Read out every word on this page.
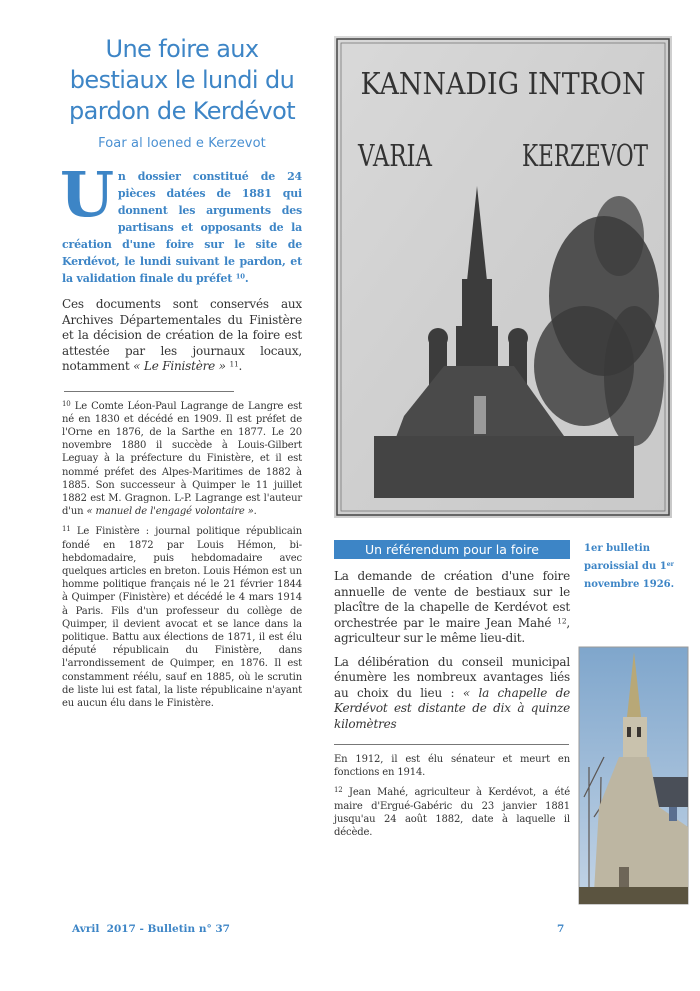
Une foire aux bestiaux le lundi du pardon de Kerdévot
Foar al loened e Kerzevot
Un dossier constitué de 24 pièces datées de 1881 qui donnent les arguments des partisans et opposants de la création d'une foire sur le site de Kerdévot, le lundi suivant le pardon, et la validation finale du préfet $^{10}$.
Ces documents sont conservés aux Archives Départementales du Finistère et la décision de création de la foire est attestée par les journaux locaux, notamment « Le Finistère » $^{11}$.
$^{10}$ Le Comte Léon-Paul Lagrange de Langre est né en 1830 et décédé en 1909. Il est préfet de l'Orne en 1876, de la Sarthe en 1877. Le 20 novembre 1880 il succède à Louis-Gilbert Leguay à la préfecture du Finistère, et il est nommé préfet des Alpes-Maritimes de 1882 à 1885. Son successeur à Quimper le 11 juillet 1882 est M. Gragnon. L-P. Lagrange est l'auteur d'un « manuel de l'engagé volontaire ».
$^{11}$ Le Finistère : journal politique républicain fondé en 1872 par Louis Hémon, bi-hebdomadaire, puis hebdomadaire avec quelques articles en breton. Louis Hémon est un homme politique français né le 21 février 1844 à Quimper (Finistère) et décédé le 4 mars 1914 à Paris. Fils d'un professeur du collège de Quimper, il devient avocat et se lance dans la politique. Battu aux élections de 1871, il est élu député républicain du Finistère, dans l'arrondissement de Quimper, en 1876. Il est constamment réélu, sauf en 1885, où le scrutin de liste lui est fatal, la liste républicaine n'ayant eu aucun élu dans le Finistère.
KANNADIG INTRON
VARIA	KERZEVOT
Un référendum pour la foire
La demande de création d'une foire annuelle de vente de bestiaux sur le placître de la chapelle de Kerdévot est orchestrée par le maire Jean Mahé $^{12}$, agriculteur sur le même lieu-dit.
La délibération du conseil municipal énumère les nombreux avantages liés au choix du lieu : « la chapelle de Kerdévot est distante de dix à quinze kilomètres
En 1912, il est élu sénateur et meurt en fonctions en 1914.
$^{12}$ Jean Mahé, agriculteur à Kerdévot, a été maire d'Ergué-Gabéric du 23 janvier 1881 jusqu'au 24 août 1882, date à laquelle il décède.
1er bulletin paroissial du 1er novembre 1926.
Avril  2017 - Bulletin n° 37	7
